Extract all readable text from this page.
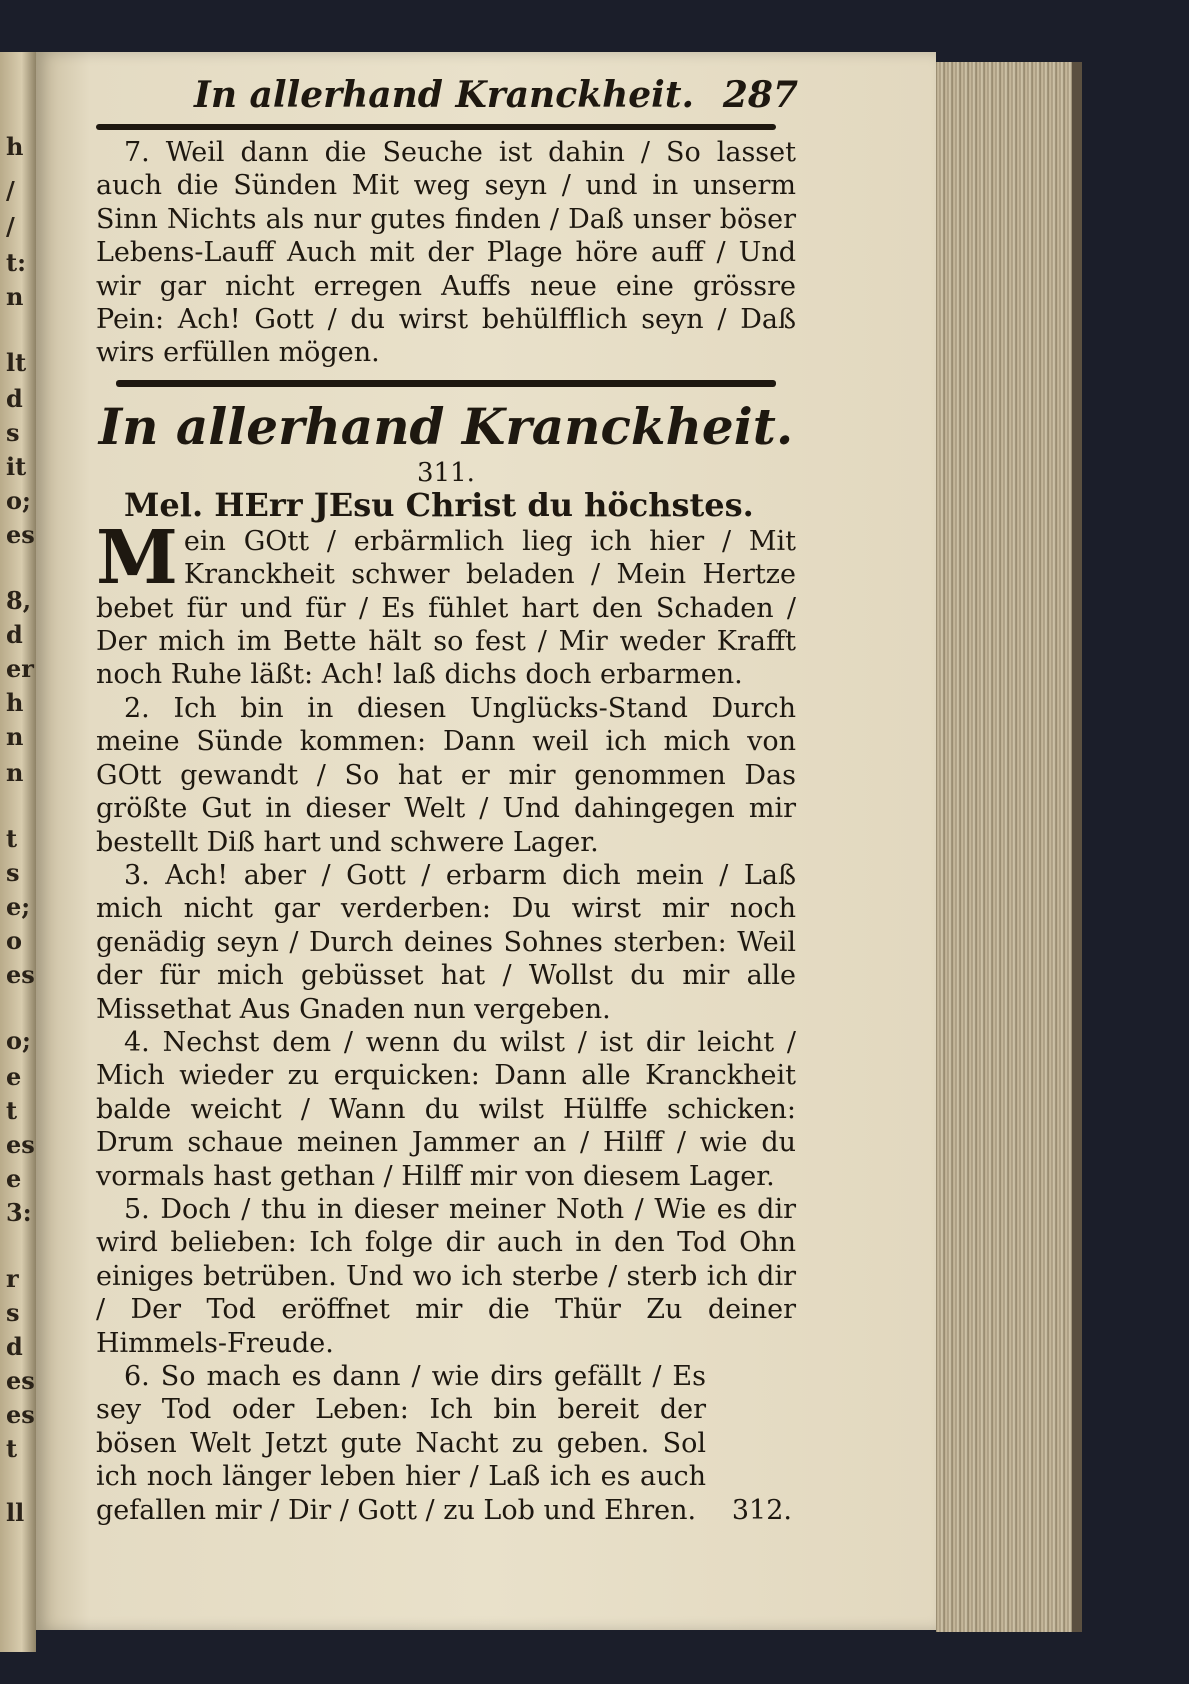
h
/
/
t:
n
lt
d
s
it
o;
es
8,
d
er
h
n
n
t
s
e;
o
es
o;
e
t
es
e
3:
r
s
d
es
es
t
ll
In allerhand Kranckheit. 287

7. Weil dann die Seuche ist dahin / So lasset auch die Sünden Mit weg seyn / und in unserm Sinn Nichts als nur gutes finden / Daß unser böser Lebens-Lauff Auch mit der Plage höre auff / Und wir gar nicht erregen Auffs neue eine grössre Pein: Ach! Gott / du wirst behülfflich seyn / Daß wirs erfüllen mögen.

In allerhand Kranckheit.
311.
Mel. HErr JEsu Christ du höchstes.

M ein GOtt / erbärmlich lieg ich hier / Mit Kranckheit schwer beladen / Mein Hertze bebet für und für / Es fühlet hart den Schaden / Der mich im Bette hält so fest / Mir weder Krafft noch Ruhe läßt: Ach! laß dichs doch erbarmen.

2. Ich bin in diesen Unglücks-Stand Durch meine Sünde kommen: Dann weil ich mich von GOtt gewandt / So hat er mir genommen Das größte Gut in dieser Welt / Und dahingegen mir bestellt Diß hart und schwere Lager.

3. Ach! aber / Gott / erbarm dich mein / Laß mich nicht gar verderben: Du wirst mir noch genädig seyn / Durch deines Sohnes sterben: Weil der für mich gebüsset hat / Wollst du mir alle Missethat Aus Gnaden nun vergeben.

4. Nechst dem / wenn du wilst / ist dir leicht / Mich wieder zu erquicken: Dann alle Kranckheit balde weicht / Wann du wilst Hülffe schicken: Drum schaue meinen Jammer an / Hilff / wie du vormals hast gethan / Hilff mir von diesem Lager.

5. Doch / thu in dieser meiner Noth / Wie es dir wird belieben: Ich folge dir auch in den Tod Ohn einiges betrüben. Und wo ich sterbe / sterb ich dir / Der Tod eröffnet mir die Thür Zu deiner Himmels-Freude.

6. So mach es dann / wie dirs gefällt / Es sey Tod oder Leben: Ich bin bereit der bösen Welt Jetzt gute Nacht zu geben. Sol ich noch länger leben hier / Laß ich es auch gefallen mir / Dir / Gott / zu Lob und Ehren.	312.
